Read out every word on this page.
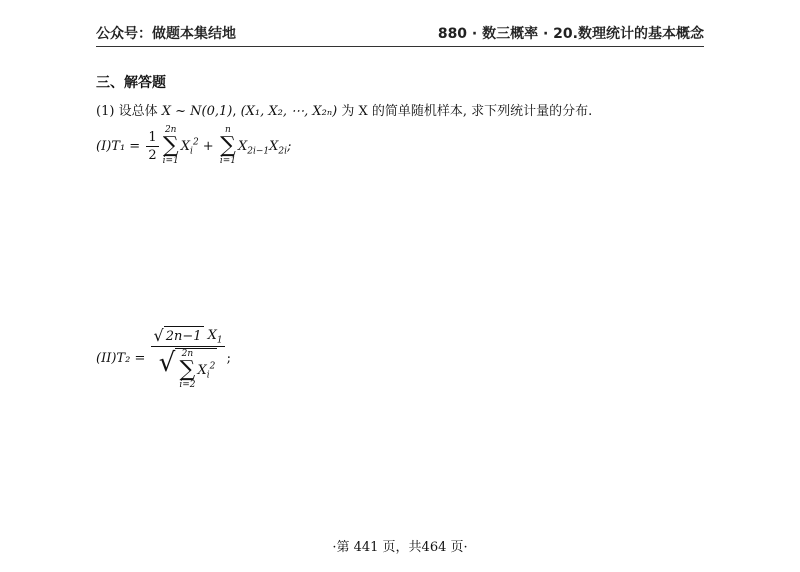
公众号：做题本集结地	880 · 数三概率 · 20.数理统计的基本概念
三、解答题
(1) 设总体 X ~ N(0,1), (X₁, X₂, ⋯, X₂ₙ) 为 X 的简单随机样本, 求下列统计量的分布.
(I) $T_1 = \frac{1}{2} 2n$
∑
i=1
$X_i^2$ +
n
∑
i=1
$X_{2i-1}X_{2i}$;
(II) T₂ = √ 2n−1 $X_1$
√ 2n
∑
i=2
$X_i^2$ ;
·第 441 页，共464 页·
